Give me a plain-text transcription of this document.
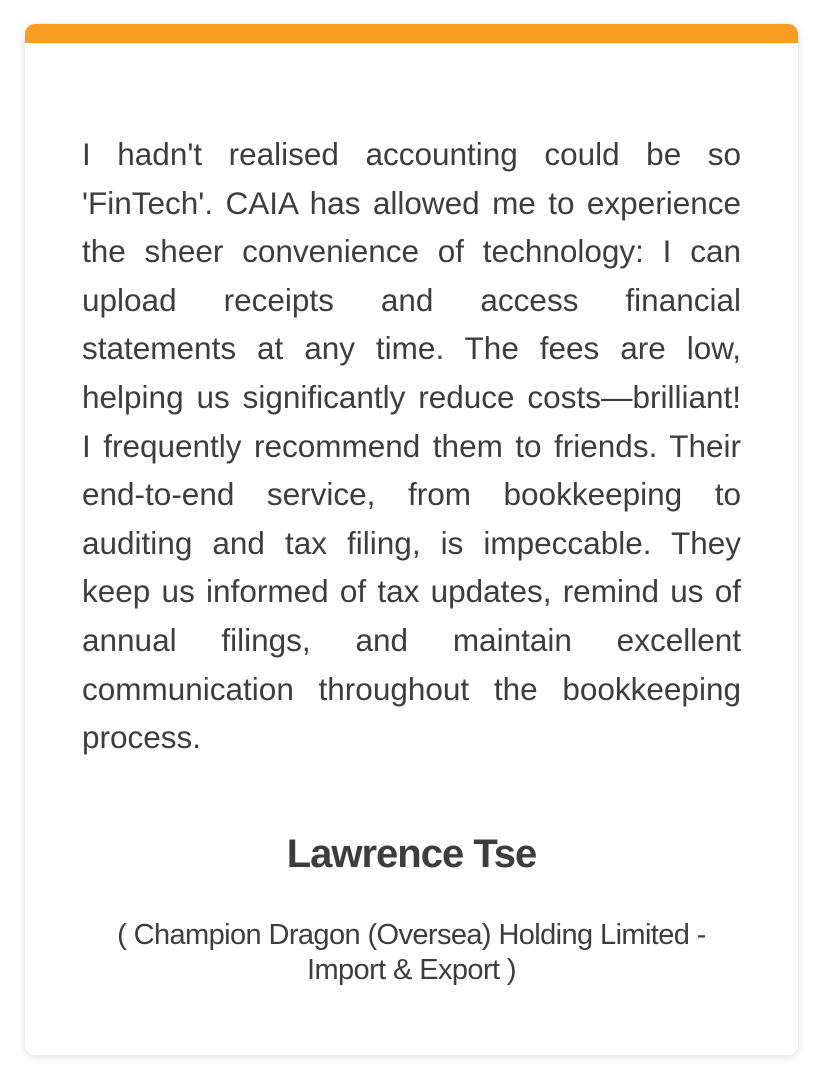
I hadn't realised accounting could be so 'FinTech'. CAIA has allowed me to experience the sheer convenience of technology: I can upload receipts and access financial statements at any time. The fees are low, helping us significantly reduce costs—brilliant! I frequently recommend them to friends. Their end-to-end service, from bookkeeping to auditing and tax filing, is impeccable. They keep us informed of tax updates, remind us of annual filings, and maintain excellent communication throughout the bookkeeping process.

Lawrence Tse

( Champion Dragon (Oversea) Holding Limited - Import & Export )
